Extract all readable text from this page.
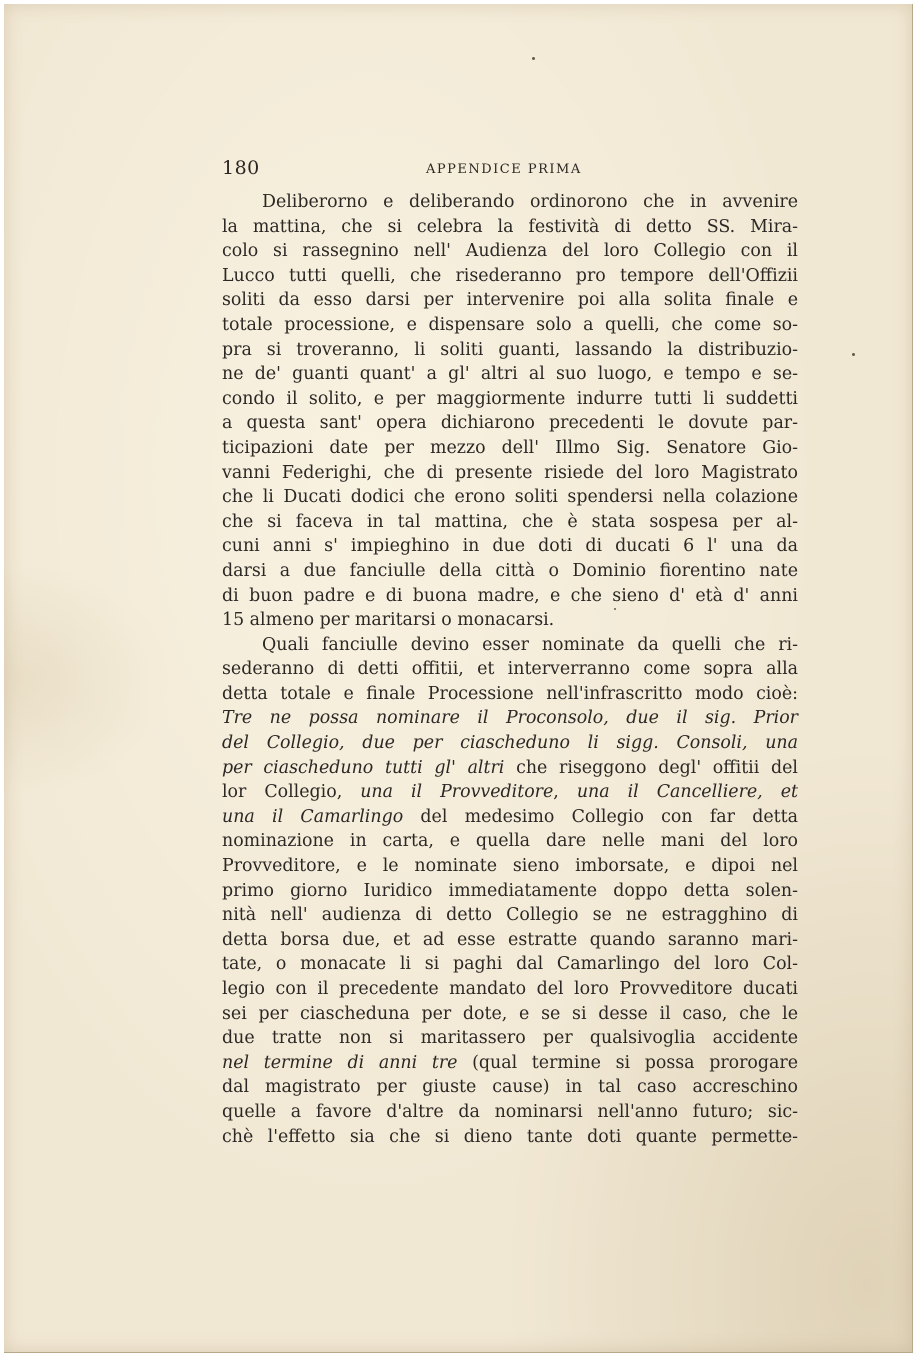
180	APPENDICE PRIMA
Deliberorno e deliberando ordinorono che in avvenire
la mattina, che si celebra la festività di detto SS. Mira-
colo si rassegnino nell' Audienza del loro Collegio con il
Lucco tutti quelli, che risederanno pro tempore dell'Offizii
soliti da esso darsi per intervenire poi alla solita finale e
totale processione, e dispensare solo a quelli, che come so-
pra si troveranno, li soliti guanti, lassando la distribuzio-
ne de' guanti quant' a gl' altri al suo luogo, e tempo e se-
condo il solito, e per maggiormente indurre tutti li suddetti
a questa sant' opera dichiarono precedenti le dovute par-
ticipazioni date per mezzo dell' Illmo Sig. Senatore Gio-
vanni Federighi, che di presente risiede del loro Magistrato
che li Ducati dodici che erono soliti spendersi nella colazione
che si faceva in tal mattina, che è stata sospesa per al-
cuni anni s' impieghino in due doti di ducati 6 l' una da
darsi a due fanciulle della città o Dominio fiorentino nate
di buon padre e di buona madre, e che sieno d' età d' anni
15 almeno per maritarsi o monacarsi.
Quali fanciulle devino esser nominate da quelli che ri-
sederanno di detti offitii, et interverranno come sopra alla
detta totale e finale Processione nell'infrascritto modo cioè:
Tre ne possa nominare il Proconsolo, due il sig. Prior
del Collegio, due per ciascheduno li sigg. Consoli, una
per ciascheduno tutti gl' altri che riseggono degl' offitii del
lor Collegio, una il Provveditore, una il Cancelliere, et
una il Camarlingo del medesimo Collegio con far detta
nominazione in carta, e quella dare nelle mani del loro
Provveditore, e le nominate sieno imborsate, e dipoi nel
primo giorno Iuridico immediatamente doppo detta solen-
nità nell' audienza di detto Collegio se ne estragghino di
detta borsa due, et ad esse estratte quando saranno mari-
tate, o monacate li si paghi dal Camarlingo del loro Col-
legio con il precedente mandato del loro Provveditore ducati
sei per ciascheduna per dote, e se si desse il caso, che le
due tratte non si maritassero per qualsivoglia accidente
nel termine di anni tre (qual termine si possa prorogare
dal magistrato per giuste cause) in tal caso accreschino
quelle a favore d'altre da nominarsi nell'anno futuro; sic-
chè l'effetto sia che si dieno tante doti quante permette-
